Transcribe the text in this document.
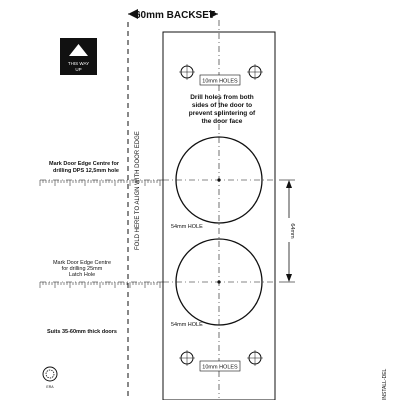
60mm BACKSET
FOLD HERE TO ALIGN WITH DOOR EDGE
10mm HOLES
Drill holes from both
sides of the door to
prevent splintering of
the door face
54mm HOLE
54mm HOLE
64mm
10mm HOLES
THIS WAY
UP
Mark Door Edge Centre for
drilling DPS 12,5mm hole
Mark Door Edge Centre
for drilling 25mm
Latch Hole
Suits 35-60mm thick doors
ERA	INSTALL-DEL
